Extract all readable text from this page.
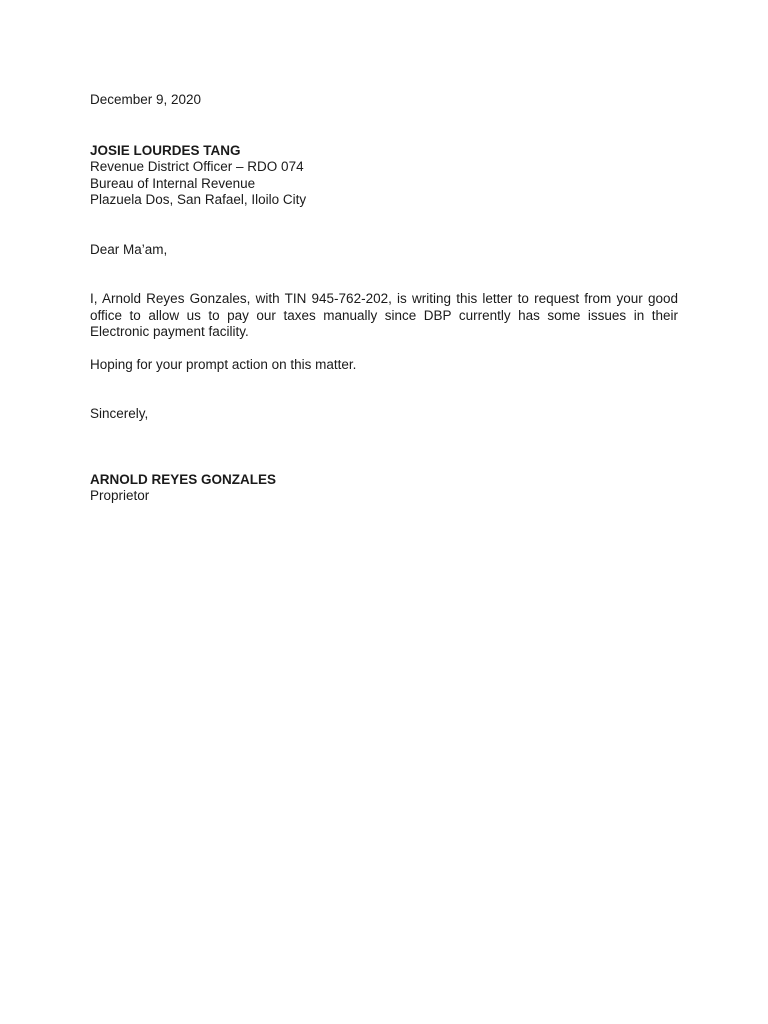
December 9, 2020
JOSIE LOURDES TANG
Revenue District Officer – RDO 074
Bureau of Internal Revenue
Plazuela Dos, San Rafael, Iloilo City
Dear Ma’am,

I, Arnold Reyes Gonzales, with TIN 945-762-202, is writing this letter to request from your good office to allow us to pay our taxes manually since DBP currently has some issues in their Electronic payment facility.

Hoping for your prompt action on this matter.

Sincerely,
ARNOLD REYES GONZALES
Proprietor
